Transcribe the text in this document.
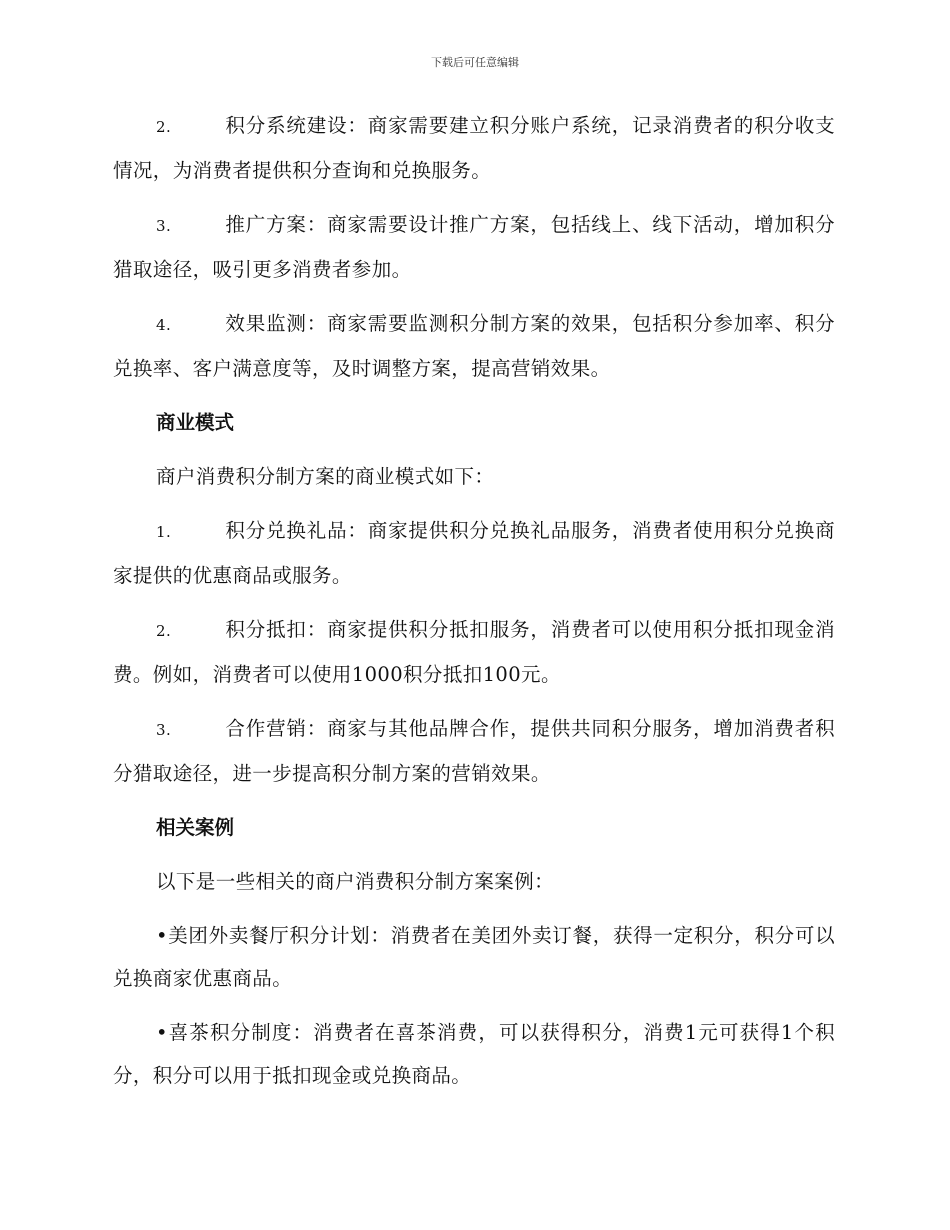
下载后可任意编辑

2.	积分系统建设：商家需要建立积分账户系统，记录消费者的积分收支情况，为消费者提供积分查询和兑换服务。

3.	推广方案：商家需要设计推广方案，包括线上、线下活动，增加积分猎取途径，吸引更多消费者参加。

4.	效果监测：商家需要监测积分制方案的效果，包括积分参加率、积分兑换率、客户满意度等，及时调整方案，提高营销效果。

商业模式

商户消费积分制方案的商业模式如下：

1.	积分兑换礼品：商家提供积分兑换礼品服务，消费者使用积分兑换商家提供的优惠商品或服务。

2.	积分抵扣：商家提供积分抵扣服务，消费者可以使用积分抵扣现金消费。例如，消费者可以使用1000积分抵扣100元。

3.	合作营销：商家与其他品牌合作，提供共同积分服务，增加消费者积分猎取途径，进一步提高积分制方案的营销效果。

相关案例

以下是一些相关的商户消费积分制方案案例：

•美团外卖餐厅积分计划：消费者在美团外卖订餐，获得一定积分，积分可以兑换商家优惠商品。

•喜茶积分制度：消费者在喜茶消费，可以获得积分，消费1元可获得1个积分，积分可以用于抵扣现金或兑换商品。
